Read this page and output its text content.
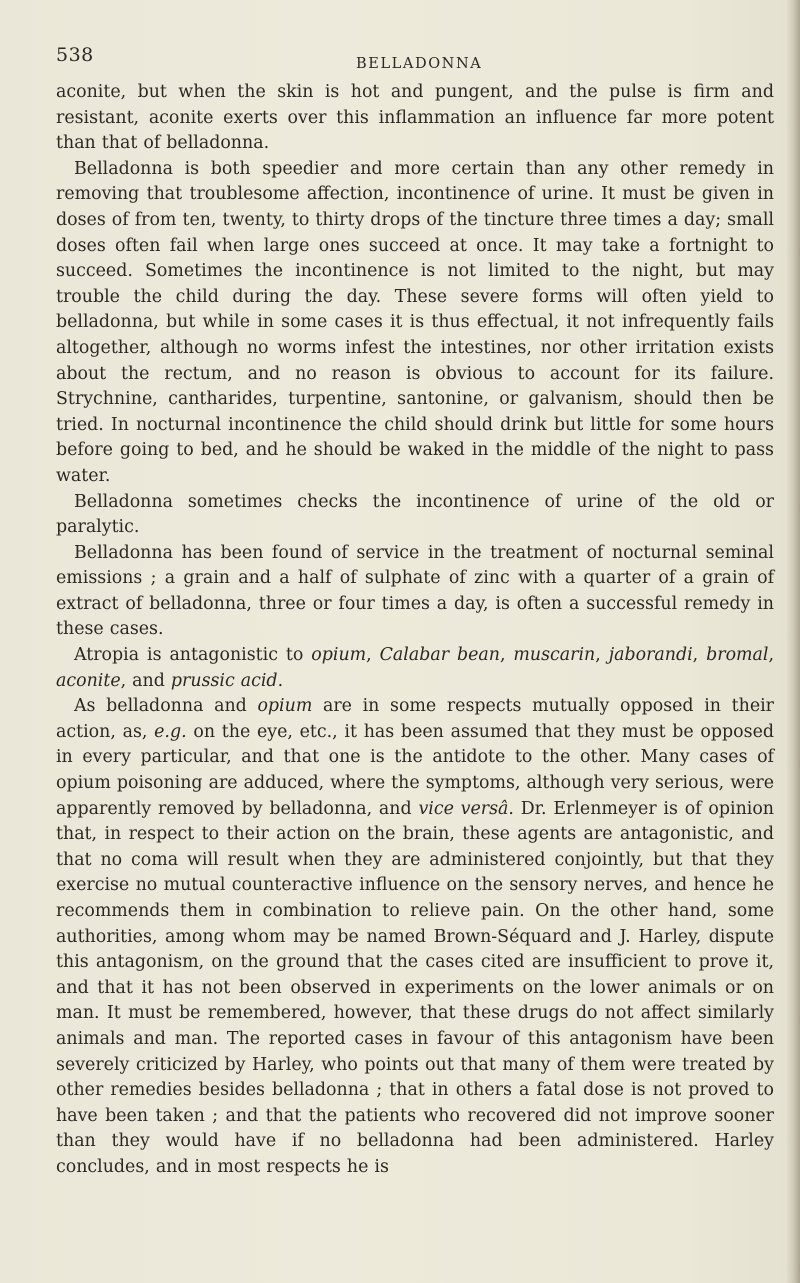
538	BELLADONNA

aconite, but when the skin is hot and pungent, and the pulse is firm and resistant, aconite exerts over this inflammation an influence far more potent than that of belladonna.

Belladonna is both speedier and more certain than any other remedy in removing that troublesome affection, incontinence of urine. It must be given in doses of from ten, twenty, to thirty drops of the tincture three times a day; small doses often fail when large ones succeed at once. It may take a fortnight to succeed. Sometimes the incontinence is not limited to the night, but may trouble the child during the day. These severe forms will often yield to belladonna, but while in some cases it is thus effectual, it not infrequently fails altogether, although no worms infest the intestines, nor other irritation exists about the rectum, and no reason is obvious to account for its failure. Strychnine, cantharides, turpentine, santonine, or galvanism, should then be tried. In nocturnal incontinence the child should drink but little for some hours before going to bed, and he should be waked in the middle of the night to pass water.

Belladonna sometimes checks the incontinence of urine of the old or paralytic.

Belladonna has been found of service in the treatment of nocturnal seminal emissions ; a grain and a half of sulphate of zinc with a quarter of a grain of extract of belladonna, three or four times a day, is often a successful remedy in these cases.

Atropia is antagonistic to opium, Calabar bean, muscarin, jaborandi, bromal, aconite, and prussic acid.

As belladonna and opium are in some respects mutually opposed in their action, as, e.g. on the eye, etc., it has been assumed that they must be opposed in every particular, and that one is the antidote to the other. Many cases of opium poisoning are adduced, where the symptoms, although very serious, were apparently removed by belladonna, and vice versâ. Dr. Erlenmeyer is of opinion that, in respect to their action on the brain, these agents are antagonistic, and that no coma will result when they are administered conjointly, but that they exercise no mutual counteractive influence on the sensory nerves, and hence he recommends them in combination to relieve pain. On the other hand, some authorities, among whom may be named Brown-Séquard and J. Harley, dispute this antagonism, on the ground that the cases cited are insufficient to prove it, and that it has not been observed in experiments on the lower animals or on man. It must be remembered, however, that these drugs do not affect similarly animals and man. The reported cases in favour of this antagonism have been severely criticized by Harley, who points out that many of them were treated by other remedies besides belladonna ; that in others a fatal dose is not proved to have been taken ; and that the patients who recovered did not improve sooner than they would have if no belladonna had been administered. Harley concludes, and in most respects he is
